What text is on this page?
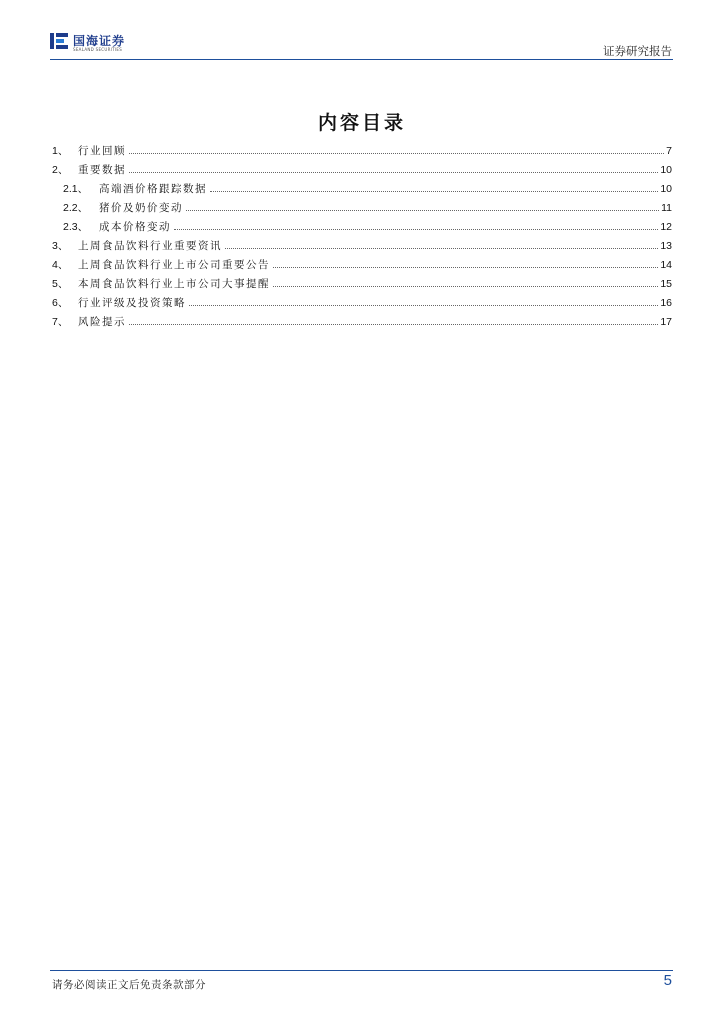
国海证券
SEALAND SECURITIES	证券研究报告
内容目录
1、 行业回顾	7
2、 重要数据	10
2.1、	高端酒价格跟踪数据	10
2.2、	猪价及奶价变动	11
2.3、	成本价格变动	12
3、 上周食品饮料行业重要资讯	13
4、 上周食品饮料行业上市公司重要公告	14
5、 本周食品饮料行业上市公司大事提醒	15
6、 行业评级及投资策略	16
7、 风险提示	17
请务必阅读正文后免责条款部分	5
